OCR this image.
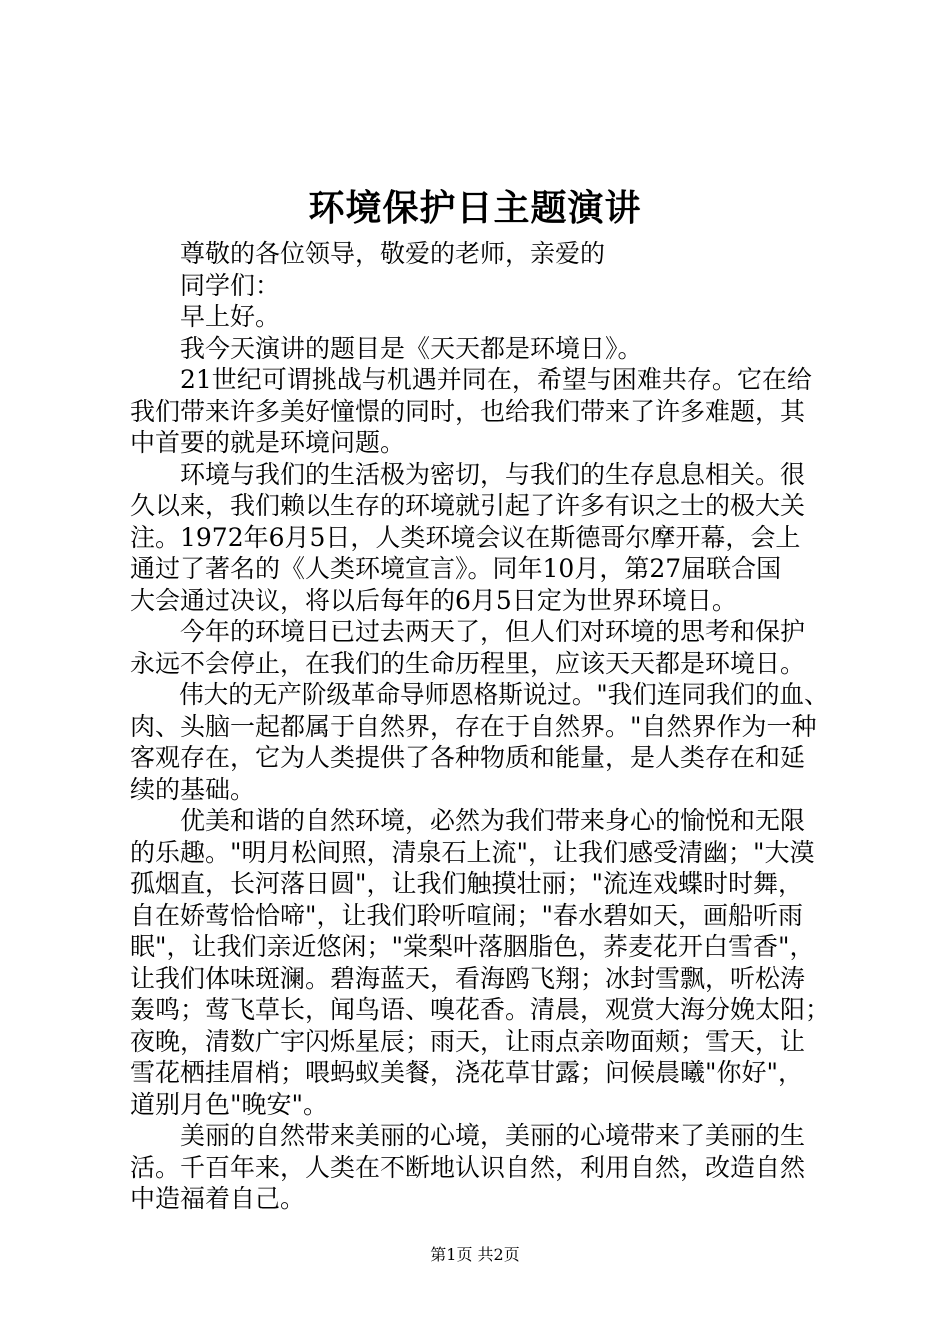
环境保护日主题演讲
尊敬的各位领导，敬爱的老师，亲爱的
同学们：
早上好。
我今天演讲的题目是《天天都是环境日》。
21世纪可谓挑战与机遇并同在，希望与困难共存。它在给
我们带来许多美好憧憬的同时，也给我们带来了许多难题，其
中首要的就是环境问题。
环境与我们的生活极为密切，与我们的生存息息相关。很
久以来，我们赖以生存的环境就引起了许多有识之士的极大关
注。1972年6月5日，人类环境会议在斯德哥尔摩开幕，会上
通过了著名的《人类环境宣言》。同年10月，第27届联合国
大会通过决议，将以后每年的6月5日定为世界环境日。
今年的环境日已过去两天了，但人们对环境的思考和保护
永远不会停止，在我们的生命历程里，应该天天都是环境日。
伟大的无产阶级革命导师恩格斯说过。"我们连同我们的血、
肉、头脑一起都属于自然界，存在于自然界。"自然界作为一种
客观存在，它为人类提供了各种物质和能量，是人类存在和延
续的基础。
优美和谐的自然环境，必然为我们带来身心的愉悦和无限
的乐趣。"明月松间照，清泉石上流"，让我们感受清幽；"大漠
孤烟直，长河落日圆"，让我们触摸壮丽；"流连戏蝶时时舞，
自在娇莺恰恰啼"，让我们聆听喧闹；"春水碧如天，画船听雨
眠"，让我们亲近悠闲；"棠梨叶落胭脂色，荞麦花开白雪香"，
让我们体味斑澜。碧海蓝天，看海鸥飞翔；冰封雪飘，听松涛
轰鸣；莺飞草长，闻鸟语、嗅花香。清晨，观赏大海分娩太阳；
夜晚，清数广宇闪烁星辰；雨天，让雨点亲吻面颊；雪天，让
雪花栖挂眉梢；喂蚂蚁美餐，浇花草甘露；问候晨曦"你好"，
道别月色"晚安"。
美丽的自然带来美丽的心境，美丽的心境带来了美丽的生
活。千百年来，人类在不断地认识自然，利用自然，改造自然
中造福着自己。
第1页 共2页
